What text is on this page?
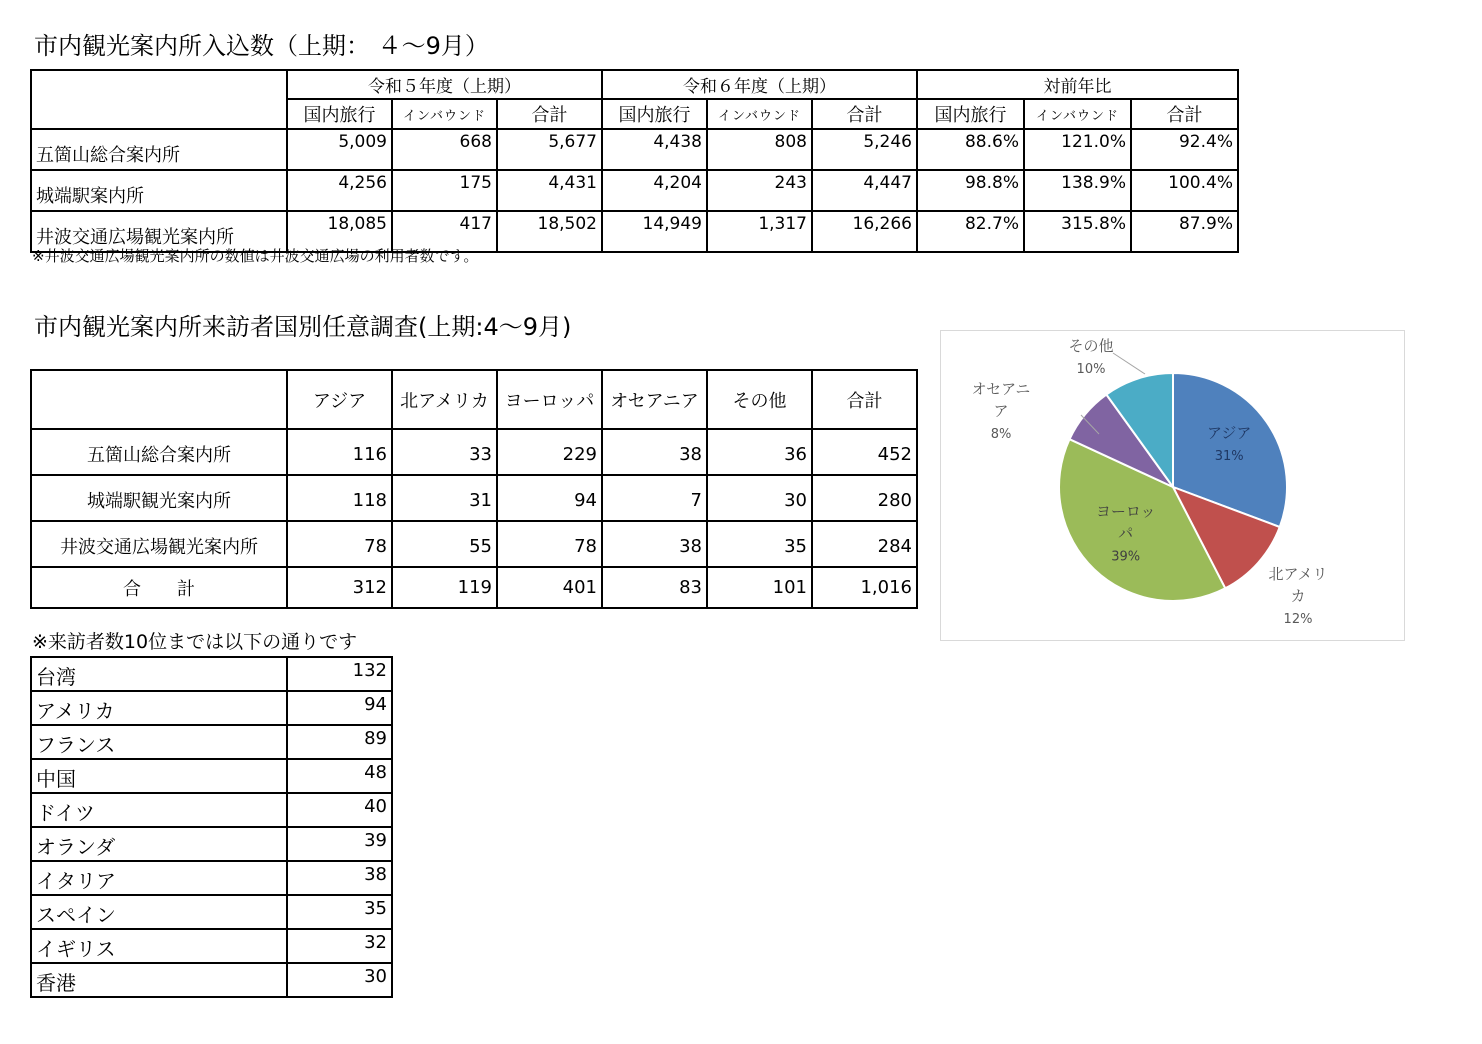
市内観光案内所入込数（上期： ４～9月）
	令和５年度（上期）			令和６年度（上期）			対前年比		
	国内旅行	インバウンド	合計	国内旅行	インバウンド	合計	国内旅行	インバウンド	合計
五箇山総合案内所	5,009	668	5,677	4,438	808	5,246	88.6%	121.0%	92.4%
城端駅案内所	4,256	175	4,431	4,204	243	4,447	98.8%	138.9%	100.4%
井波交通広場観光案内所	18,085	417	18,502	14,949	1,317	16,266	82.7%	315.8%	87.9%
※井波交通広場観光案内所の数値は井波交通広場の利用者数です。
市内観光案内所来訪者国別任意調査(上期:4～9月)
	アジア	北アメリカ	ヨーロッパ	オセアニア	その他	合計
五箇山総合案内所	116	33	229	38	36	452
城端駅観光案内所	118	31	94	7	30	280
井波交通広場観光案内所	78	55	78	38	35	284
合　　計	312	119	401	83	101	1,016
※来訪者数10位までは以下の通りです
台湾	132
アメリカ	94
フランス	89
中国	48
ドイツ	40
オランダ	39
イタリア	38
スペイン	35
イギリス	32
香港	30
アジア 31%
北アメリカ 12%
ヨーロッパ 39%
オセアニア 8%
その他 10%
